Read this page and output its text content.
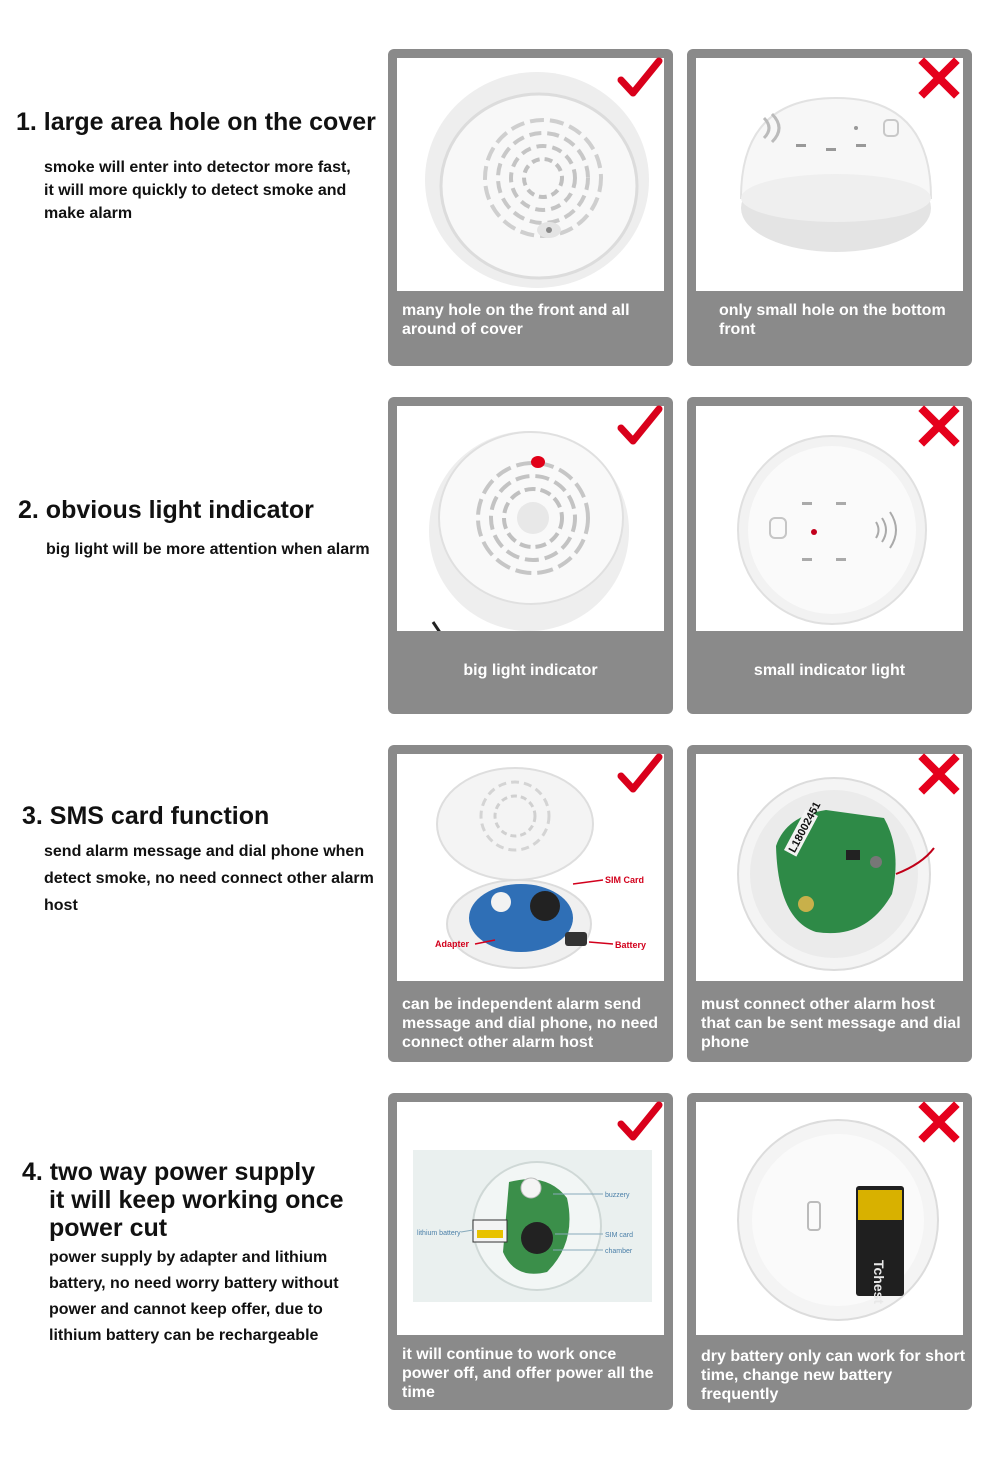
1. large area hole on the cover
smoke will enter into detector more fast,
it will more quickly to detect smoke and
make alarm
many hole on the front and all around of cover
only small hole on the bottom front
2. obvious light indicator
big light will be more attention when alarm
big light indicator	small indicator light
3. SMS card function
send alarm message and dial phone when
detect smoke, no need connect other alarm
host
SIM Card
Adapter	Battery
can be independent alarm send message and dial phone, no need connect other alarm host
L18002451
must connect other alarm host that can be sent message and dial phone
4. two way power supply
it will keep working once
power cut
power supply by adapter and lithium
battery, no need worry battery without
power and cannot keep offer, due to
lithium battery can be rechargeable
buzzery
lithium battery	SIM card
chamber
it will continue to work once power off, and offer power all the time
Tchest
dry battery only can work for short time, change new battery frequently
